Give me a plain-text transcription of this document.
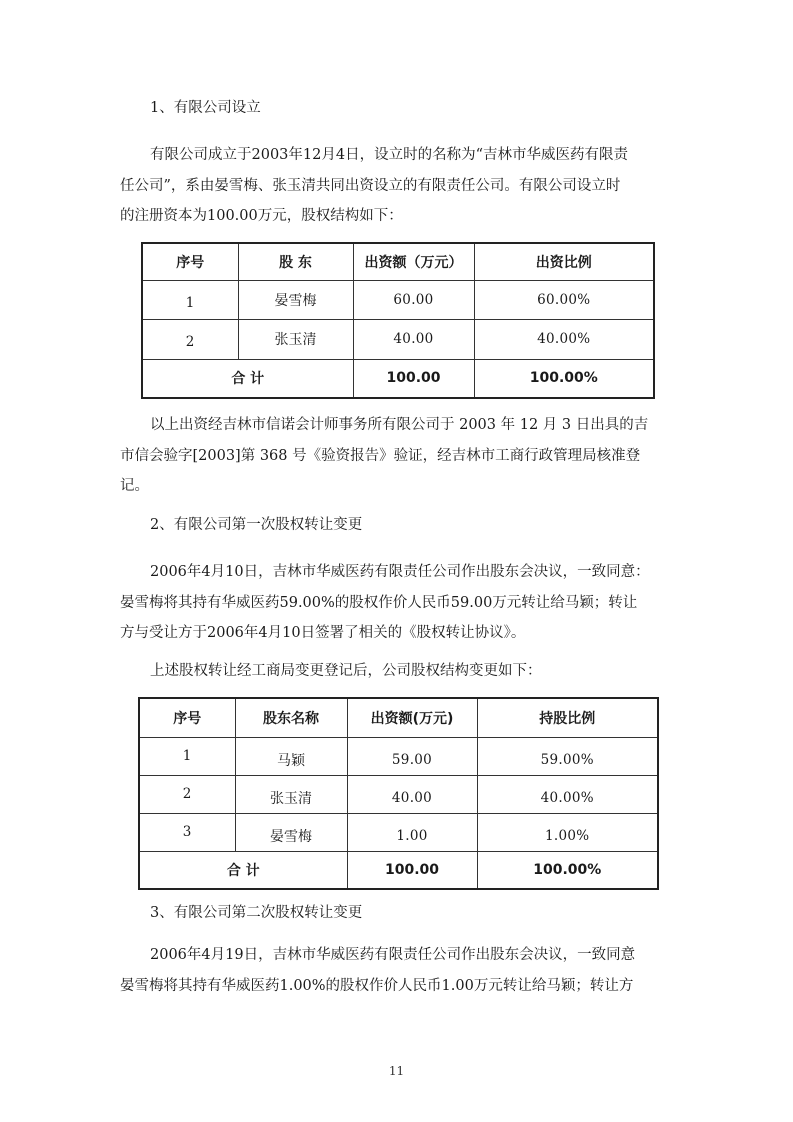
1、有限公司设立
有限公司成立于2003年12月4日，设立时的名称为“吉林市华威医药有限责
任公司”，系由晏雪梅、张玉清共同出资设立的有限责任公司。有限公司设立时
的注册资本为100.00万元，股权结构如下：
序号	股 东	出资额（万元）	出资比例
1	晏雪梅	60.00	60.00%
2	张玉清	40.00	40.00%
合 计		100.00	100.00%
以上出资经吉林市信诺会计师事务所有限公司于 2003 年 12 月 3 日出具的吉
市信会验字[2003]第 368 号《验资报告》验证，经吉林市工商行政管理局核准登
记。
2、有限公司第一次股权转让变更
2006年4月10日，吉林市华威医药有限责任公司作出股东会决议，一致同意：
晏雪梅将其持有华威医药59.00%的股权作价人民币59.00万元转让给马颖；转让
方与受让方于2006年4月10日签署了相关的《股权转让协议》。
上述股权转让经工商局变更登记后，公司股权结构变更如下：
序号	股东名称	出资额(万元)	持股比例
1	马颖	59.00	59.00%
2	张玉清	40.00	40.00%
3	晏雪梅	1.00	1.00%
合 计		100.00	100.00%
3、有限公司第二次股权转让变更
2006年4月19日，吉林市华威医药有限责任公司作出股东会决议，一致同意
晏雪梅将其持有华威医药1.00%的股权作价人民币1.00万元转让给马颖；转让方
11
